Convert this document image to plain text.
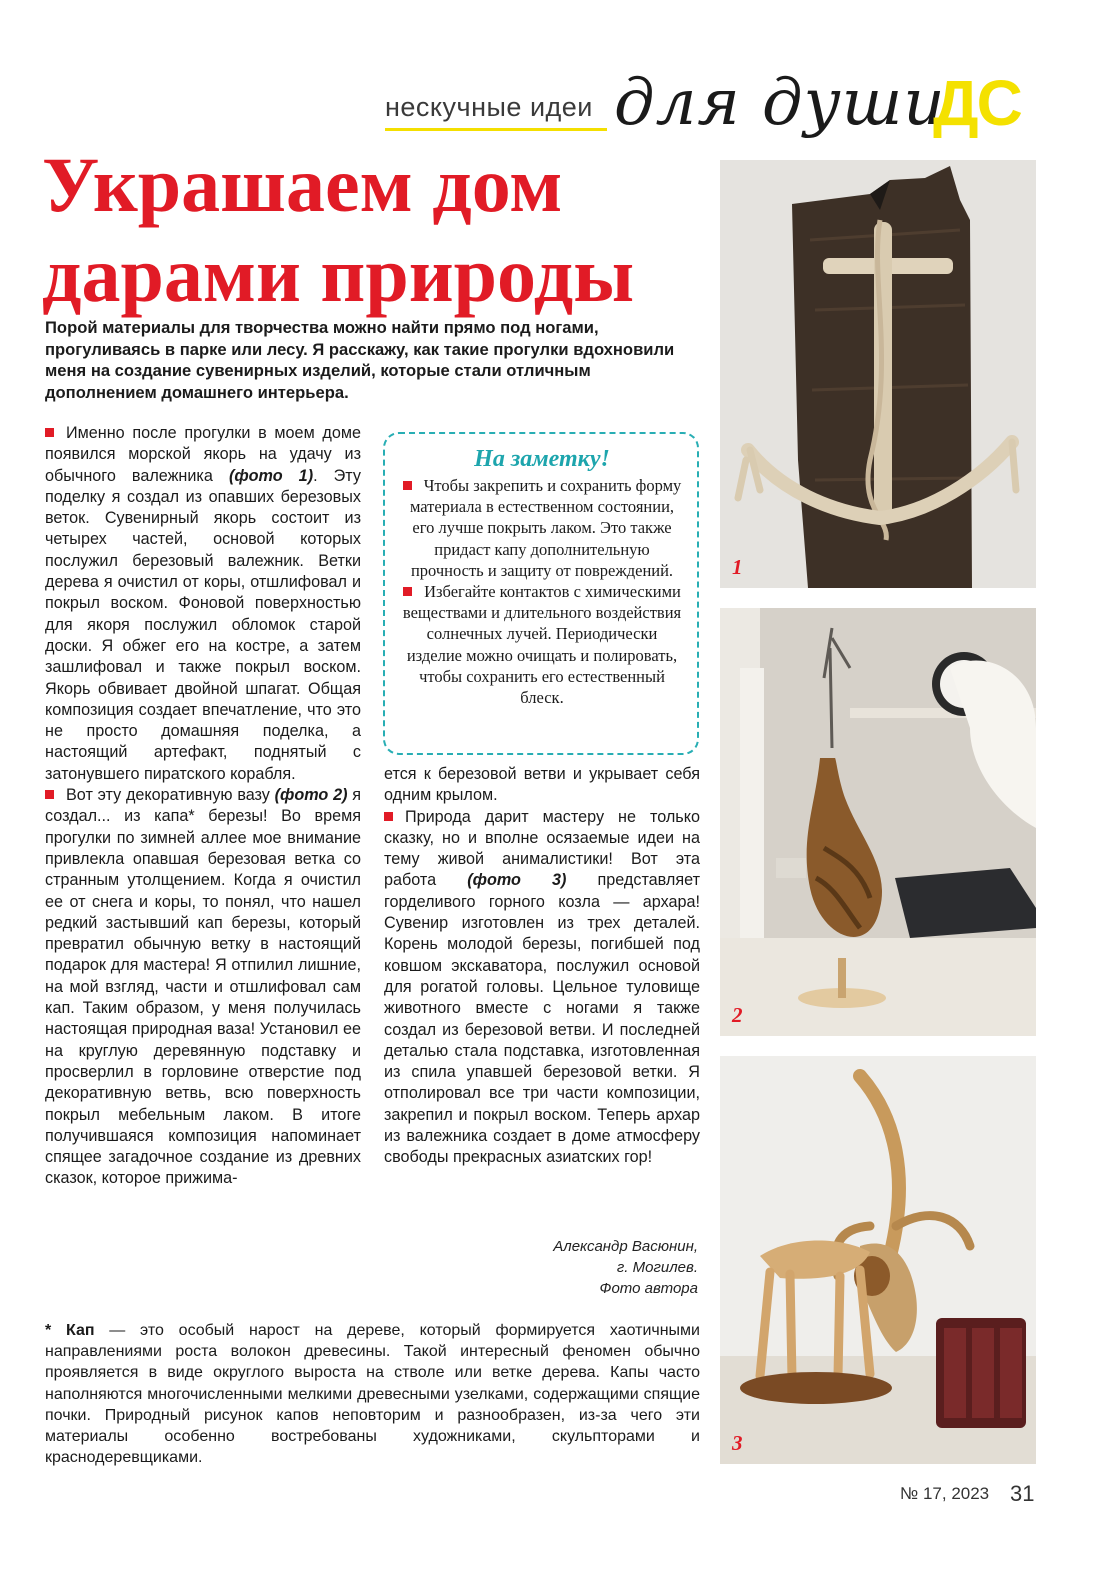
нескучные идеи для души
ДС
Украшаем дом
дарами природы
Порой материалы для творчества можно найти прямо под ногами, прогуливаясь в парке или лесу. Я расскажу, как такие прогулки вдохновили меня на создание сувенирных изделий, которые стали отличным дополнением домашнего интерьера.

Именно после прогулки в моем доме появился морской якорь на удачу из обычного валежника (фото 1). Эту поделку я создал из опавших березовых веток. Сувенирный якорь состоит из четырех частей, основой которых послужил березовый валежник. Ветки дерева я очистил от коры, отшлифовал и покрыл воском. Фоновой поверхностью для якоря послужил обломок старой доски. Я обжег его на костре, а затем зашлифовал и также покрыл воском. Якорь обвивает двойной шпагат. Общая композиция создает впечатление, что это не просто домашняя поделка, а настоящий артефакт, поднятый с затонувшего пиратского корабля.

Вот эту декоративную вазу (фото 2) я создал... из капа* березы! Во время прогулки по зимней аллее мое внимание привлекла опавшая березовая ветка со странным утолщением. Когда я очистил ее от снега и коры, то понял, что нашел редкий застывший кап березы, который превратил обычную ветку в настоящий подарок для мастера! Я отпилил лишние, на мой взгляд, части и отшлифовал сам кап. Таким образом, у меня получилась настоящая природная ваза! Установил ее на круглую деревянную подставку и просверлил в горловине отверстие под декоративную ветвь, всю поверхность покрыл мебельным лаком. В итоге получившаяся композиция напоминает спящее загадочное создание из древних сказок, которое прижима-

На заметку!

Чтобы закрепить и сохранить форму материала в естественном состоянии, его лучше покрыть лаком. Это также придаст капу дополнительную прочность и защиту от повреждений.

Избегайте контактов с химическими веществами и длительного воздействия солнечных лучей. Периодически изделие можно очищать и полировать, чтобы сохранить его естественный блеск.

ется к березовой ветви и укрывает себя одним крылом.

Природа дарит мастеру не только сказку, но и вполне осязаемые идеи на тему живой анималистики! Вот эта работа (фото 3) представляет горделивого горного козла — архара! Сувенир изготовлен из трех деталей. Корень молодой березы, погибшей под ковшом экскаватора, послужил основой для рогатой головы. Цельное туловище животного вместе с ногами я также создал из березовой ветви. И последней деталью стала подставка, изготовленная из спила упавшей березовой ветки. Я отполировал все три части композиции, закрепил и покрыл воском. Теперь архар из валежника создает в доме атмосферу свободы прекрасных азиатских гор!

Александр Васюнин,
г. Могилев.
Фото автора
* Кап — это особый нарост на дереве, который формируется хаотичными направлениями роста волокон древесины. Такой интересный феномен обычно проявляется в виде округлого выроста на стволе или ветке дерева. Капы часто наполняются многочисленными мелкими древесными узелками, содержащими спящие почки. Природный рисунок капов неповторим и разнообразен, из-за чего эти материалы особенно востребованы художниками, скульпторами и краснодеревщиками.
1
2
3
№ 17, 2023 31
